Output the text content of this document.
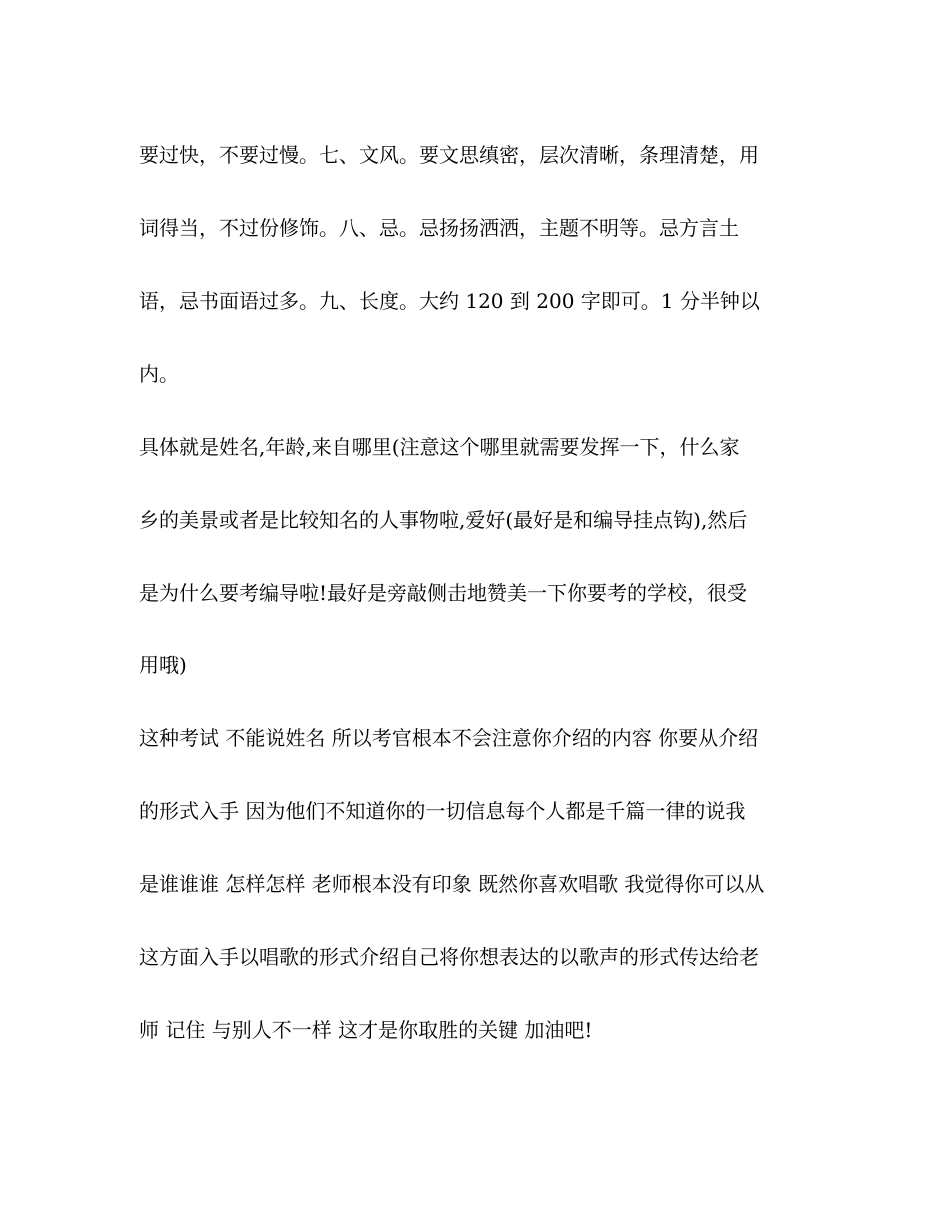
要过快，不要过慢。七、文风。要文思缜密，层次清晰，条理清楚，用
词得当，不过份修饰。八、忌。忌扬扬洒洒，主题不明等。忌方言土
语，忌书面语过多。九、长度。大约 120 到 200 字即可。1 分半钟以
内。
具体就是姓名,年龄,来自哪里(注意这个哪里就需要发挥一下，什么家
乡的美景或者是比较知名的人事物啦,爱好(最好是和编导挂点钩),然后
是为什么要考编导啦!最好是旁敲侧击地赞美一下你要考的学校，很受
用哦)
这种考试 不能说姓名 所以考官根本不会注意你介绍的内容 你要从介绍
的形式入手 因为他们不知道你的一切信息每个人都是千篇一律的说我
是谁谁谁 怎样怎样 老师根本没有印象 既然你喜欢唱歌 我觉得你可以从
这方面入手以唱歌的形式介绍自己将你想表达的以歌声的形式传达给老
师 记住 与别人不一样 这才是你取胜的关键 加油吧!
